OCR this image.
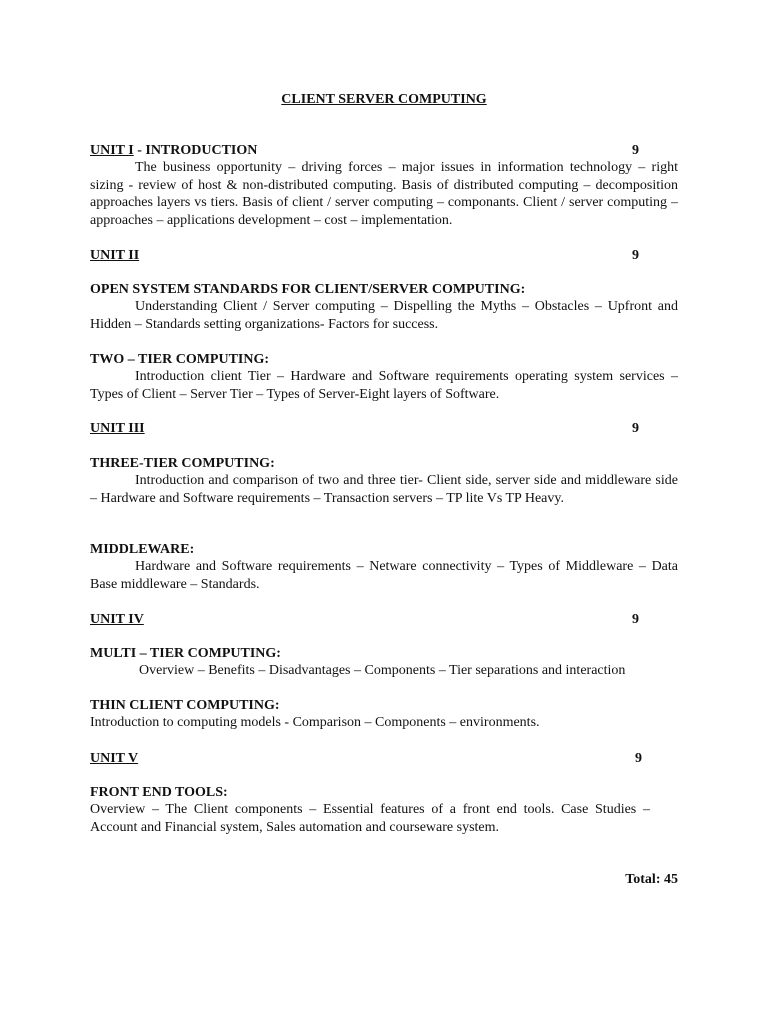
CLIENT SERVER COMPUTING
UNIT I - INTRODUCTION	9
The business opportunity – driving forces – major issues in information technology – right sizing - review of host & non-distributed computing. Basis of distributed computing – decomposition approaches layers vs tiers. Basis of client / server computing – componants. Client / server computing – approaches – applications development – cost – implementation.
UNIT II	9
OPEN SYSTEM STANDARDS FOR CLIENT/SERVER COMPUTING:
Understanding Client / Server computing – Dispelling the Myths – Obstacles – Upfront and Hidden – Standards setting organizations- Factors for success.
TWO – TIER COMPUTING:
Introduction client Tier – Hardware and Software requirements operating system services – Types of Client – Server Tier – Types of Server-Eight layers of Software.
UNIT III	9
THREE-TIER COMPUTING:
Introduction and comparison of two and three tier- Client side, server side and middleware side – Hardware and Software requirements – Transaction servers – TP lite Vs TP Heavy.
MIDDLEWARE:
Hardware and Software requirements – Netware connectivity – Types of Middleware – Data Base middleware – Standards.
UNIT IV	9
MULTI – TIER COMPUTING:
Overview – Benefits – Disadvantages – Components – Tier separations and interaction
THIN CLIENT COMPUTING:
Introduction to computing models - Comparison – Components – environments.
UNIT V	9
FRONT END TOOLS:
Overview – The Client components – Essential features of a front end tools. Case Studies – Account and Financial system, Sales automation and courseware system.
Total: 45
